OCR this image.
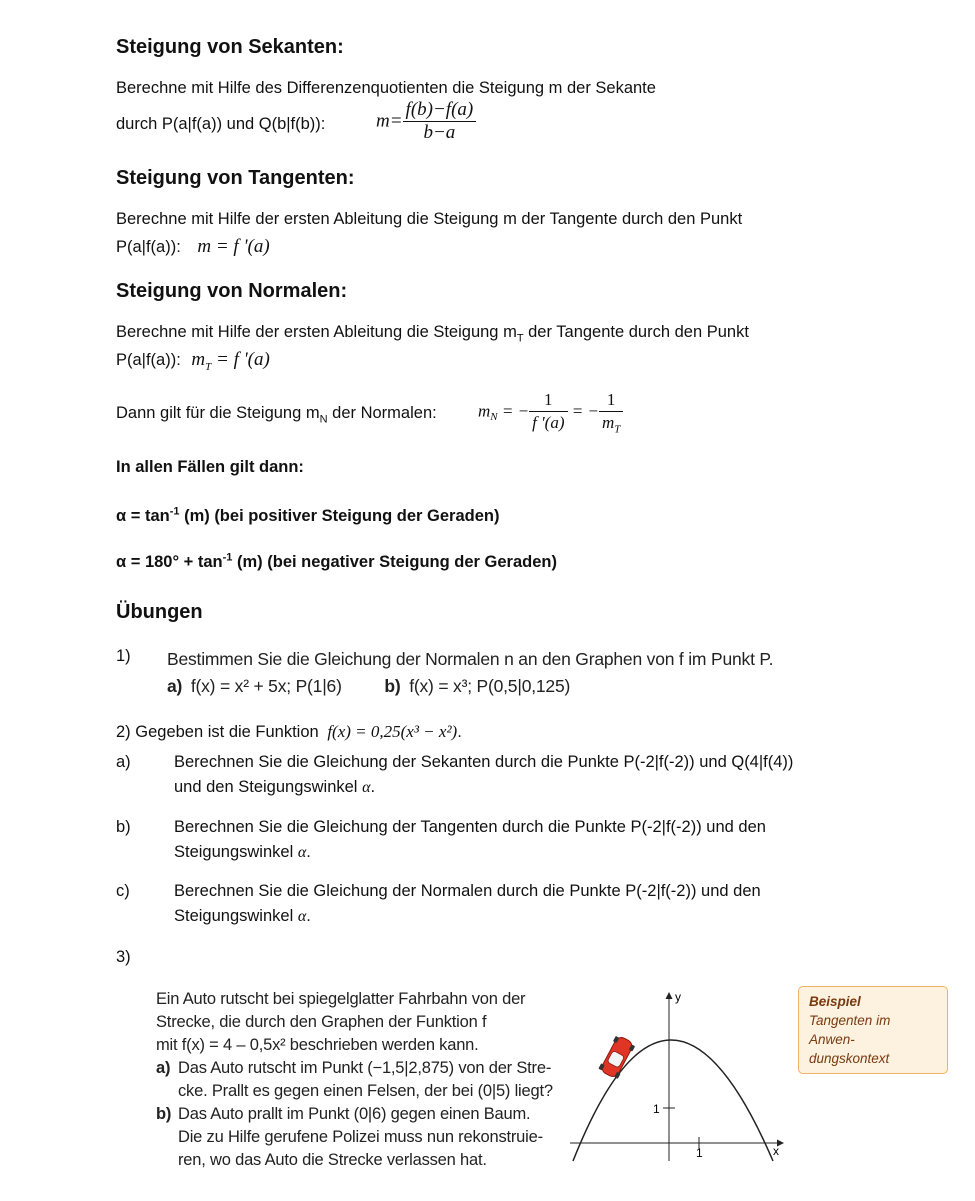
Steigung von Sekanten:
Berechne mit Hilfe des Differenzenquotienten die Steigung m der Sekante
durch P(a|f(a)) und Q(b|f(b)):	$m= \frac{f(b)-f(a)}{b-a}$
Steigung von Tangenten:
Berechne mit Hilfe der ersten Ableitung die Steigung m der Tangente durch den Punkt
P(a|f(a)): m = f '(a)
Steigung von Normalen:
Berechne mit Hilfe der ersten Ableitung die Steigung $m_T$ der Tangente durch den Punkt
P(a|f(a)): $m_T = f$ '(a)
Dann gilt für die Steigung $m_N$ der Normalen: $m_N$ = − $\frac{1}{f '(a)}$ = − $\frac{1}{m_T}$
In allen Fällen gilt dann:
$\alpha = \tan^{-1} (m)$ (bei positiver Steigung der Geraden)
$\alpha = 180^\circ + \tan^{-1} (m)$ (bei negativer Steigung der Geraden)
Übungen
1) Bestimmen Sie die Gleichung der Normalen n an den Graphen von f im Punkt P.
a) f(x) = x² + 5x; P(1|6) b) f(x) = x³; P(0,5|0,125)
2) Gegeben ist die Funktion f(x) = 0,25(x³ − x²).
a)	Berechnen Sie die Gleichung der Sekanten durch die Punkte P(-2|f(-2)) und Q(4|f(4))
und den Steigungswinkel α.
b)	Berechnen Sie die Gleichung der Tangenten durch die Punkte P(-2|f(-2)) und den
Steigungswinkel α.
c)	Berechnen Sie die Gleichung der Normalen durch die Punkte P(-2|f(-2)) und den
Steigungswinkel α.
3)
Ein Auto rutscht bei spiegelglatter Fahrbahn von der
Strecke, die durch den Graphen der Funktion f
mit f(x) = 4 – 0,5x² beschrieben werden kann.
a) Das Auto rutscht im Punkt (−1,5|2,875) von der Stre-
cke. Prallt es gegen einen Felsen, der bei (0|5) liegt?
b) Das Auto prallt im Punkt (0|6) gegen einen Baum.
Die zu Hilfe gerufene Polizei muss nun rekonstruie-
ren, wo das Auto die Strecke verlassen hat.
y
x
1
1
Beispiel
Tangenten im Anwen-
dungskontext
